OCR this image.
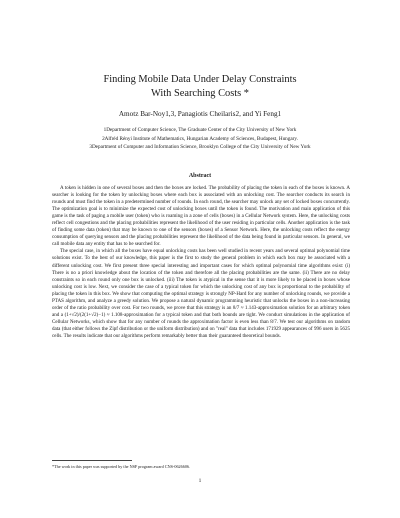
Finding Mobile Data Under Delay Constraints
With Searching Costs *
Amotz Bar-Noy1,3, Panagiotis Cheilaris2, and Yi Feng1
1Department of Computer Science, The Graduate Center of the City University of New York
2Alfréd Rényi Institute of Mathematics, Hungarian Academy of Sciences, Budapest, Hungary.
3Department of Computer and Information Science, Brooklyn College of the City University of New York
Abstract

A token is hidden in one of several boxes and then the boxes are locked. The probability of placing the token in each of the boxes is known. A searcher is looking for the token by unlocking boxes where each box is associated with an unlocking cost. The searcher conducts its search in rounds and must find the token in a predetermined number of rounds. In each round, the searcher may unlock any set of locked boxes concurrently. The optimization goal is to minimize the expected cost of unlocking boxes until the token is found. The motivation and main application of this game is the task of paging a mobile user (token) who is roaming in a zone of cells (boxes) in a Cellular Network system. Here, the unlocking costs reflect cell congestions and the placing probabilities represent the likelihood of the user residing in particular cells. Another application is the task of finding some data (token) that may be known to one of the sensors (boxes) of a Sensor Network. Here, the unlocking costs reflect the energy consumption of querying sensors and the placing probabilities represent the likelihood of the data being found in particular sensors. In general, we call mobile data any entity that has to be searched for.

The special case, in which all the boxes have equal unlocking costs has been well studied in recent years and several optimal polynomial time solutions exist. To the best of our knowledge, this paper is the first to study the general problem in which each box may be associated with a different unlocking cost. We first present three special interesting and important cases for which optimal polynomial time algorithms exist: (i) There is no a priori knowledge about the location of the token and therefore all the placing probabilities are the same. (ii) There are no delay constraints so in each round only one box is unlocked. (iii) The token is atypical in the sense that it is more likely to be placed in boxes whose unlocking cost is low. Next, we consider the case of a typical token for which the unlocking cost of any box is proportional to the probability of placing the token in this box. We show that computing the optimal strategy is strongly NP-Hard for any number of unlocking rounds, we provide a PTAS algorithm, and analyze a greedy solution. We propose a natural dynamic programming heuristic that unlocks the boxes in a non-increasing order of the ratio probability over cost. For two rounds, we prove that this strategy is an 8/7 ≈ 1.143-approximation solution for an arbitrary token and a (1+√2)/(2(1+√2)−1) ≈ 1.108-approximation for a typical token and that both bounds are tight. We conduct simulations in the application of Cellular Networks, which show that for any number of rounds the approximation factor is even less than 8/7. We test our algorithms on random data (that either follows the Zipf distribution or the uniform distribution) and on "real" data that includes 171929 appearances of 996 users in 5625 cells. The results indicate that our algorithms perform remarkably better than their guaranteed theoretical bounds.

*The work in this paper was supported by the NSF program award CNS-0626606.
1
